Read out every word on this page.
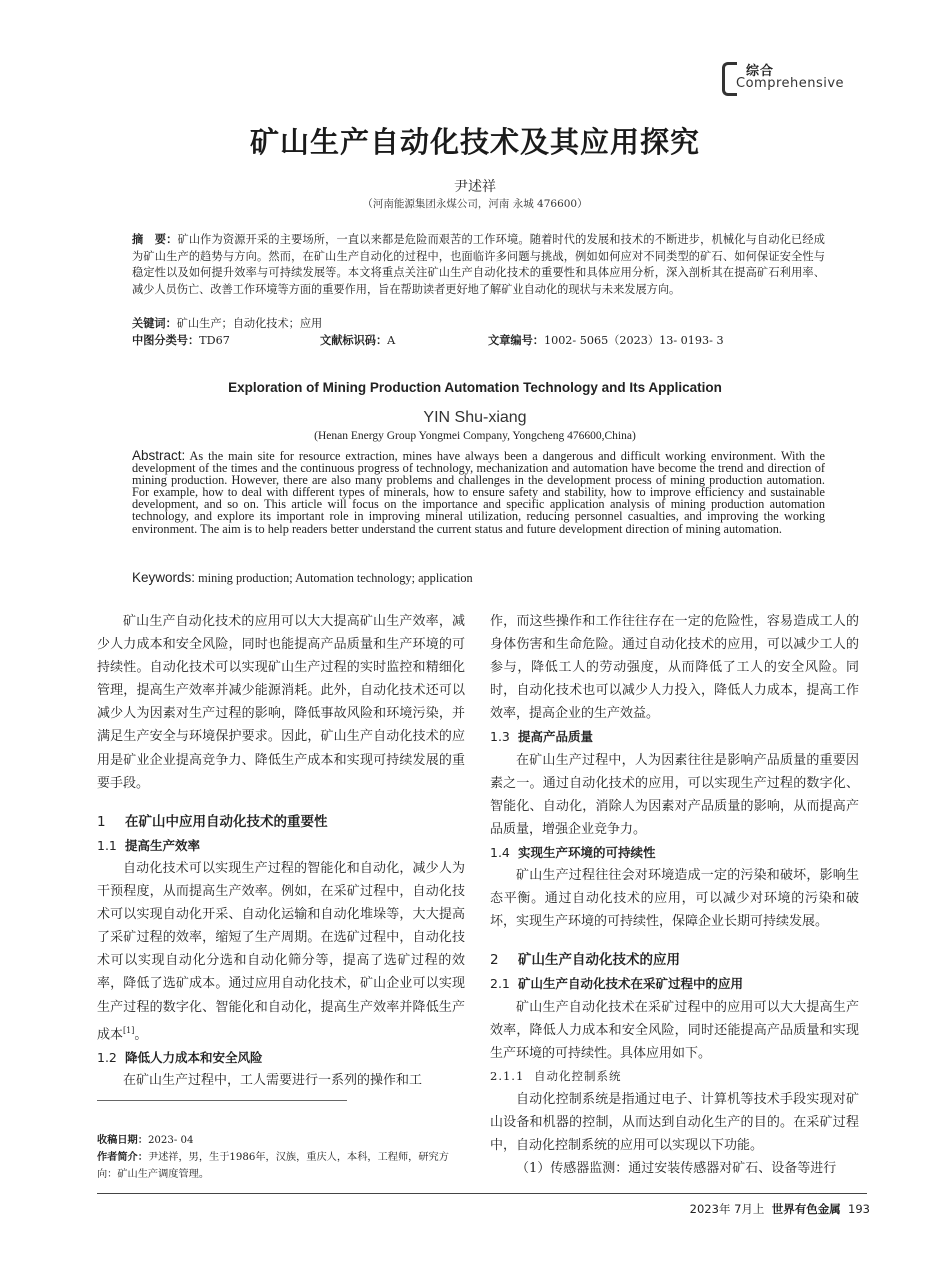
综合
Comprehensive
矿山生产自动化技术及其应用探究
尹述祥
（河南能源集团永煤公司，河南 永城 476600）
摘　要：矿山作为资源开采的主要场所，一直以来都是危险而艰苦的工作环境。随着时代的发展和技术的不断进步，机械化与自动化已经成为矿山生产的趋势与方向。然而，在矿山生产自动化的过程中，也面临许多问题与挑战，例如如何应对不同类型的矿石、如何保证安全性与稳定性以及如何提升效率与可持续发展等。本文将重点关注矿山生产自动化技术的重要性和具体应用分析，深入剖析其在提高矿石利用率、减少人员伤亡、改善工作环境等方面的重要作用，旨在帮助读者更好地了解矿业自动化的现状与未来发展方向。
关键词：矿山生产；自动化技术；应用
中图分类号： TD67	文献标识码： A	文章编号： 1002- 5065（2023）13- 0193- 3
Exploration of Mining Production Automation Technology and Its Application
YIN Shu-xiang
(Henan Energy Group Yongmei Company, Yongcheng 476600,China)
Abstract: As the main site for resource extraction, mines have always been a dangerous and difficult working environment. With the development of the times and the continuous progress of technology, mechanization and automation have become the trend and direction of mining production. However, there are also many problems and challenges in the development process of mining production automation. For example, how to deal with different types of minerals, how to ensure safety and stability, how to improve efficiency and sustainable development, and so on. This article will focus on the importance and specific application analysis of mining production automation technology, and explore its important role in improving mineral utilization, reducing personnel casualties, and improving the working environment. The aim is to help readers better understand the current status and future development direction of mining automation.
Keywords: mining production; Automation technology; application

矿山生产自动化技术的应用可以大大提高矿山生产效率，减少人力成本和安全风险，同时也能提高产品质量和生产环境的可持续性。自动化技术可以实现矿山生产过程的实时监控和精细化管理，提高生产效率并减少能源消耗。此外，自动化技术还可以减少人为因素对生产过程的影响，降低事故风险和环境污染，并满足生产安全与环境保护要求。因此，矿山生产自动化技术的应用是矿业企业提高竞争力、降低生产成本和实现可持续发展的重要手段。

1 在矿山中应用自动化技术的重要性

1.1 提高生产效率

自动化技术可以实现生产过程的智能化和自动化，减少人为干预程度，从而提高生产效率。例如，在采矿过程中，自动化技术可以实现自动化开采、自动化运输和自动化堆垛等，大大提高了采矿过程的效率，缩短了生产周期。在选矿过程中，自动化技术可以实现自动化分选和自动化筛分等，提高了选矿过程的效率，降低了选矿成本。通过应用自动化技术，矿山企业可以实现生产过程的数字化、智能化和自动化，提高生产效率并降低生产成本[1]。

1.2 降低人力成本和安全风险

在矿山生产过程中，工人需要进行一系列的操作和工

作，而这些操作和工作往往存在一定的危险性，容易造成工人的身体伤害和生命危险。通过自动化技术的应用，可以减少工人的参与，降低工人的劳动强度，从而降低了工人的安全风险。同时，自动化技术也可以减少人力投入，降低人力成本，提高工作效率，提高企业的生产效益。

1.3 提高产品质量

在矿山生产过程中，人为因素往往是影响产品质量的重要因素之一。通过自动化技术的应用，可以实现生产过程的数字化、智能化、自动化，消除人为因素对产品质量的影响，从而提高产品质量，增强企业竞争力。

1.4 实现生产环境的可持续性

矿山生产过程往往会对环境造成一定的污染和破坏，影响生态平衡。通过自动化技术的应用，可以减少对环境的污染和破坏，实现生产环境的可持续性，保障企业长期可持续发展。

2 矿山生产自动化技术的应用

2.1 矿山生产自动化技术在采矿过程中的应用

矿山生产自动化技术在采矿过程中的应用可以大大提高生产效率，降低人力成本和安全风险，同时还能提高产品质量和实现生产环境的可持续性。具体应用如下。

2.1.1 自动化控制系统

自动化控制系统是指通过电子、计算机等技术手段实现对矿山设备和机器的控制，从而达到自动化生产的目的。在采矿过程中，自动化控制系统的应用可以实现以下功能。

（1）传感器监测：通过安装传感器对矿石、设备等进行

收稿日期：2023- 04
作者简介：尹述祥，男，生于1986年，汉族，重庆人，本科，工程师，研究方向：矿山生产调度管理。
2023年 7月上 世界有色金属 193
